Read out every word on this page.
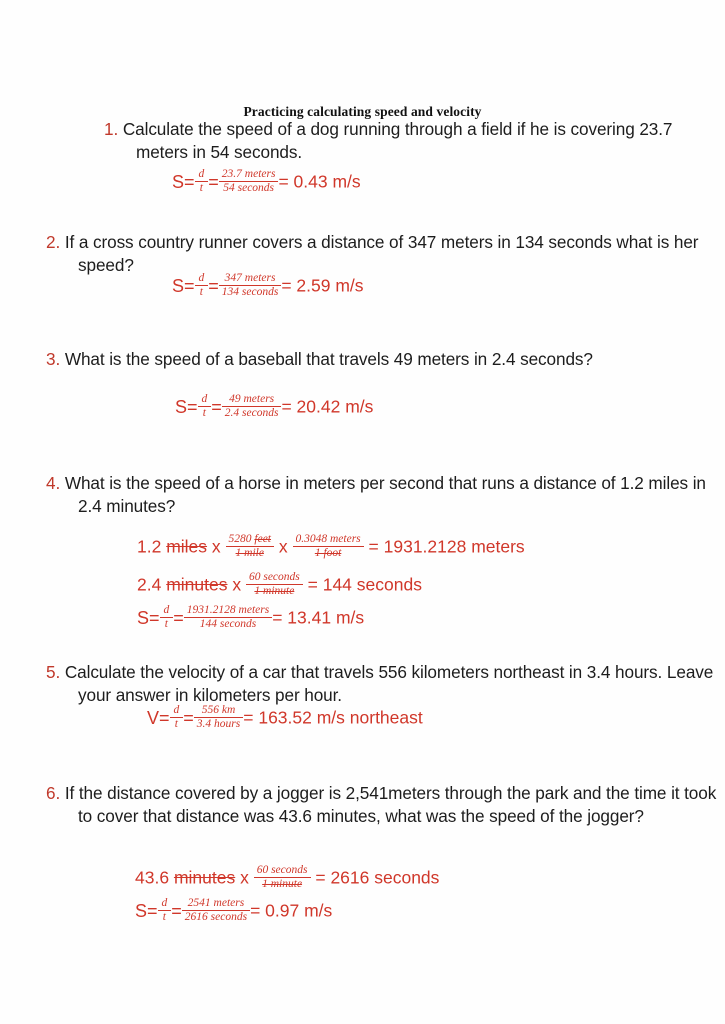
Practicing calculating speed and velocity
1. Calculate the speed of a dog running through a field if he is covering 23.7 meters in 54 seconds.
$S= \frac{d}{t} = \frac{\text{23.7 meters}}{\text{54 seconds}} = 0.43$ m/s
2. If a cross country runner covers a distance of 347 meters in 134 seconds what is her speed?
$S= \frac{d}{t} = \frac{\text{347 meters}}{\text{134 seconds}} = 2.59$ m/s
3. What is the speed of a baseball that travels 49 meters in 2.4 seconds?
$S= \frac{d}{t} = \frac{\text{49 meters}}{\text{2.4 seconds}} = 20.42$ m/s
4. What is the speed of a horse in meters per second that runs a distance of 1.2 miles in 2.4 minutes?
1.2 miles x $\frac{\text{5280 feet}}{\text{1 mile}}$ x $\frac{\text{0.3048 meters}}{\text{1 foot}} = 1931.2128$ meters
2.4 minutes x $\frac{\text{60 seconds}}{\text{1 minute}} = 144$ seconds
$S= \frac{d}{t} = \frac{\text{1931.2128 meters}}{\text{144 seconds}} = 13.41$ m/s
5. Calculate the velocity of a car that travels 556 kilometers northeast in 3.4 hours. Leave your answer in kilometers per hour.
$V= \frac{d}{t} = \frac{556 km}{\text{3.4 hours}} = 163.52$ m/s northeast
6. If the distance covered by a jogger is 2,541meters through the park and the time it took to cover that distance was 43.6 minutes, what was the speed of the jogger?
43.6 minutes x $\frac{\text{60 seconds}}{\text{1 minute}} = 2616$ seconds
$S= \frac{d}{t} = \frac{\text{2541 meters}}{\text{2616 seconds}} = 0.97$ m/s
